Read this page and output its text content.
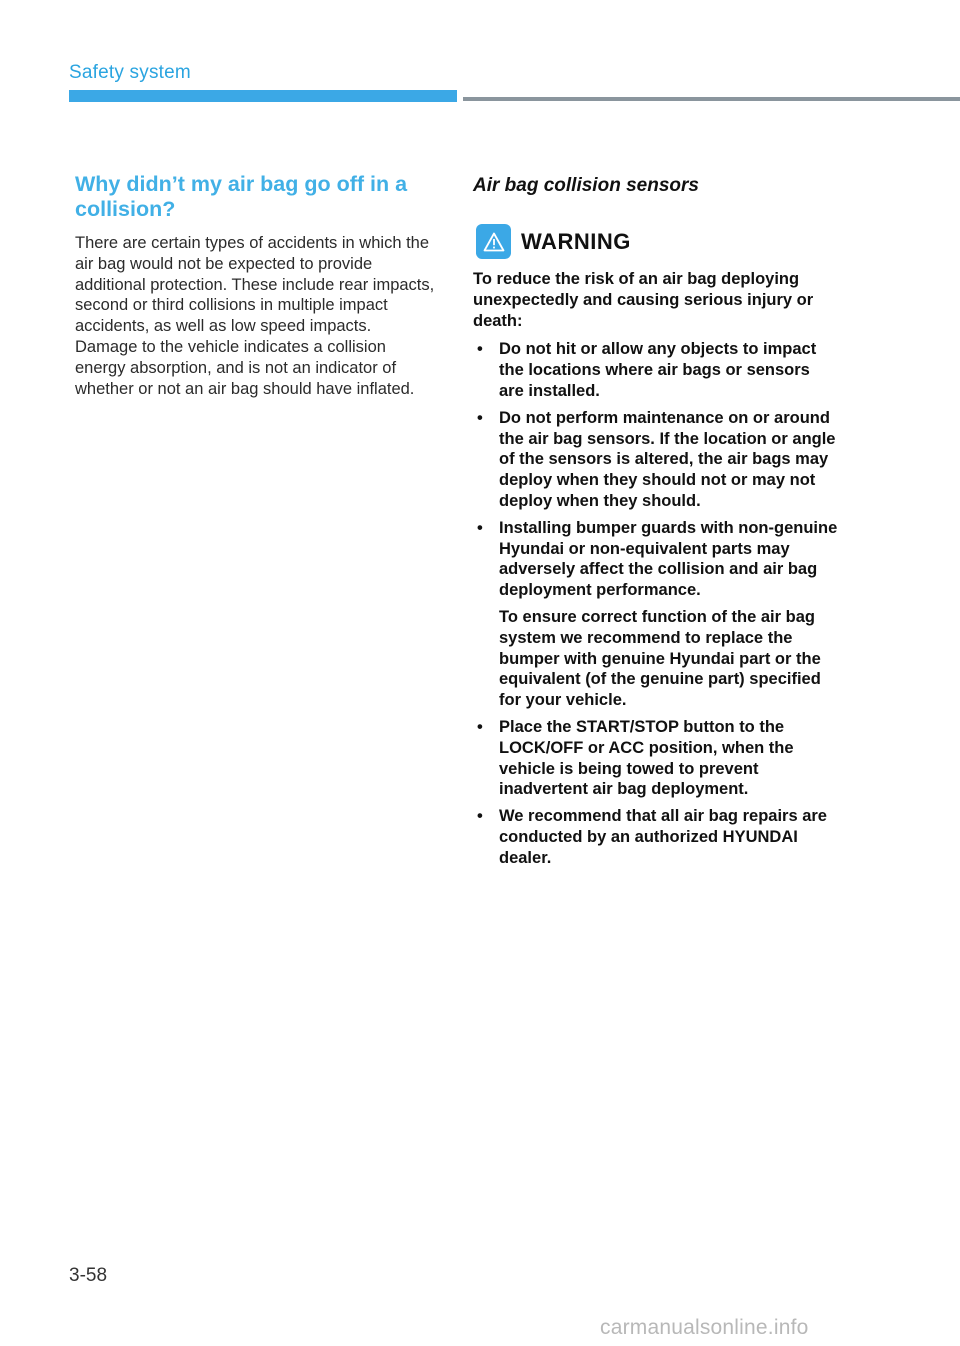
Safety system
Why didn’t my air bag go off in a collision?

There are certain types of accidents in which the air bag would not be expected to provide additional protection. These include rear impacts, second or third collisions in multiple impact accidents, as well as low speed impacts. Damage to the vehicle indicates a collision energy absorption, and is not an indicator of whether or not an air bag should have inflated.

Air bag collision sensors
WARNING

To reduce the risk of an air bag deploying unexpectedly and causing serious injury or death:

• Do not hit or allow any objects to impact the locations where air bags or sensors are installed.
• Do not perform maintenance on or around the air bag sensors. If the location or angle of the sensors is altered, the air bags may deploy when they should not or may not deploy when they should.
• Installing bumper guards with non-genuine Hyundai or non-equivalent parts may adversely affect the collision and air bag deployment performance.
To ensure correct function of the air bag system we recommend to replace the bumper with genuine Hyundai part or the equivalent (of the genuine part) specified for your vehicle.
• Place the START/STOP button to the LOCK/OFF or ACC position, when the vehicle is being towed to prevent inadvertent air bag deployment.
• We recommend that all air bag repairs are conducted by an authorized HYUNDAI dealer.
3-58
carmanualsonline.info
